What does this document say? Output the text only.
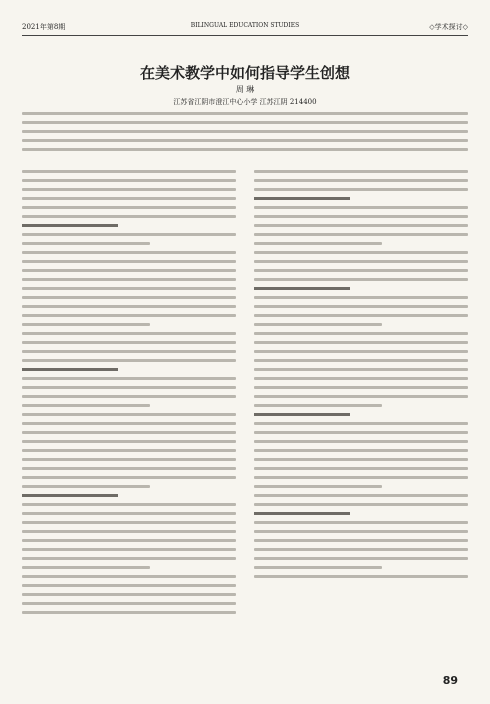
2021年第8期	BILINGUAL EDUCATION STUDIES	◇学术探讨◇
在美术教学中如何指导学生创想
周 琳
江苏省江阴市澄江中心小学 江苏江阴 214400
89
